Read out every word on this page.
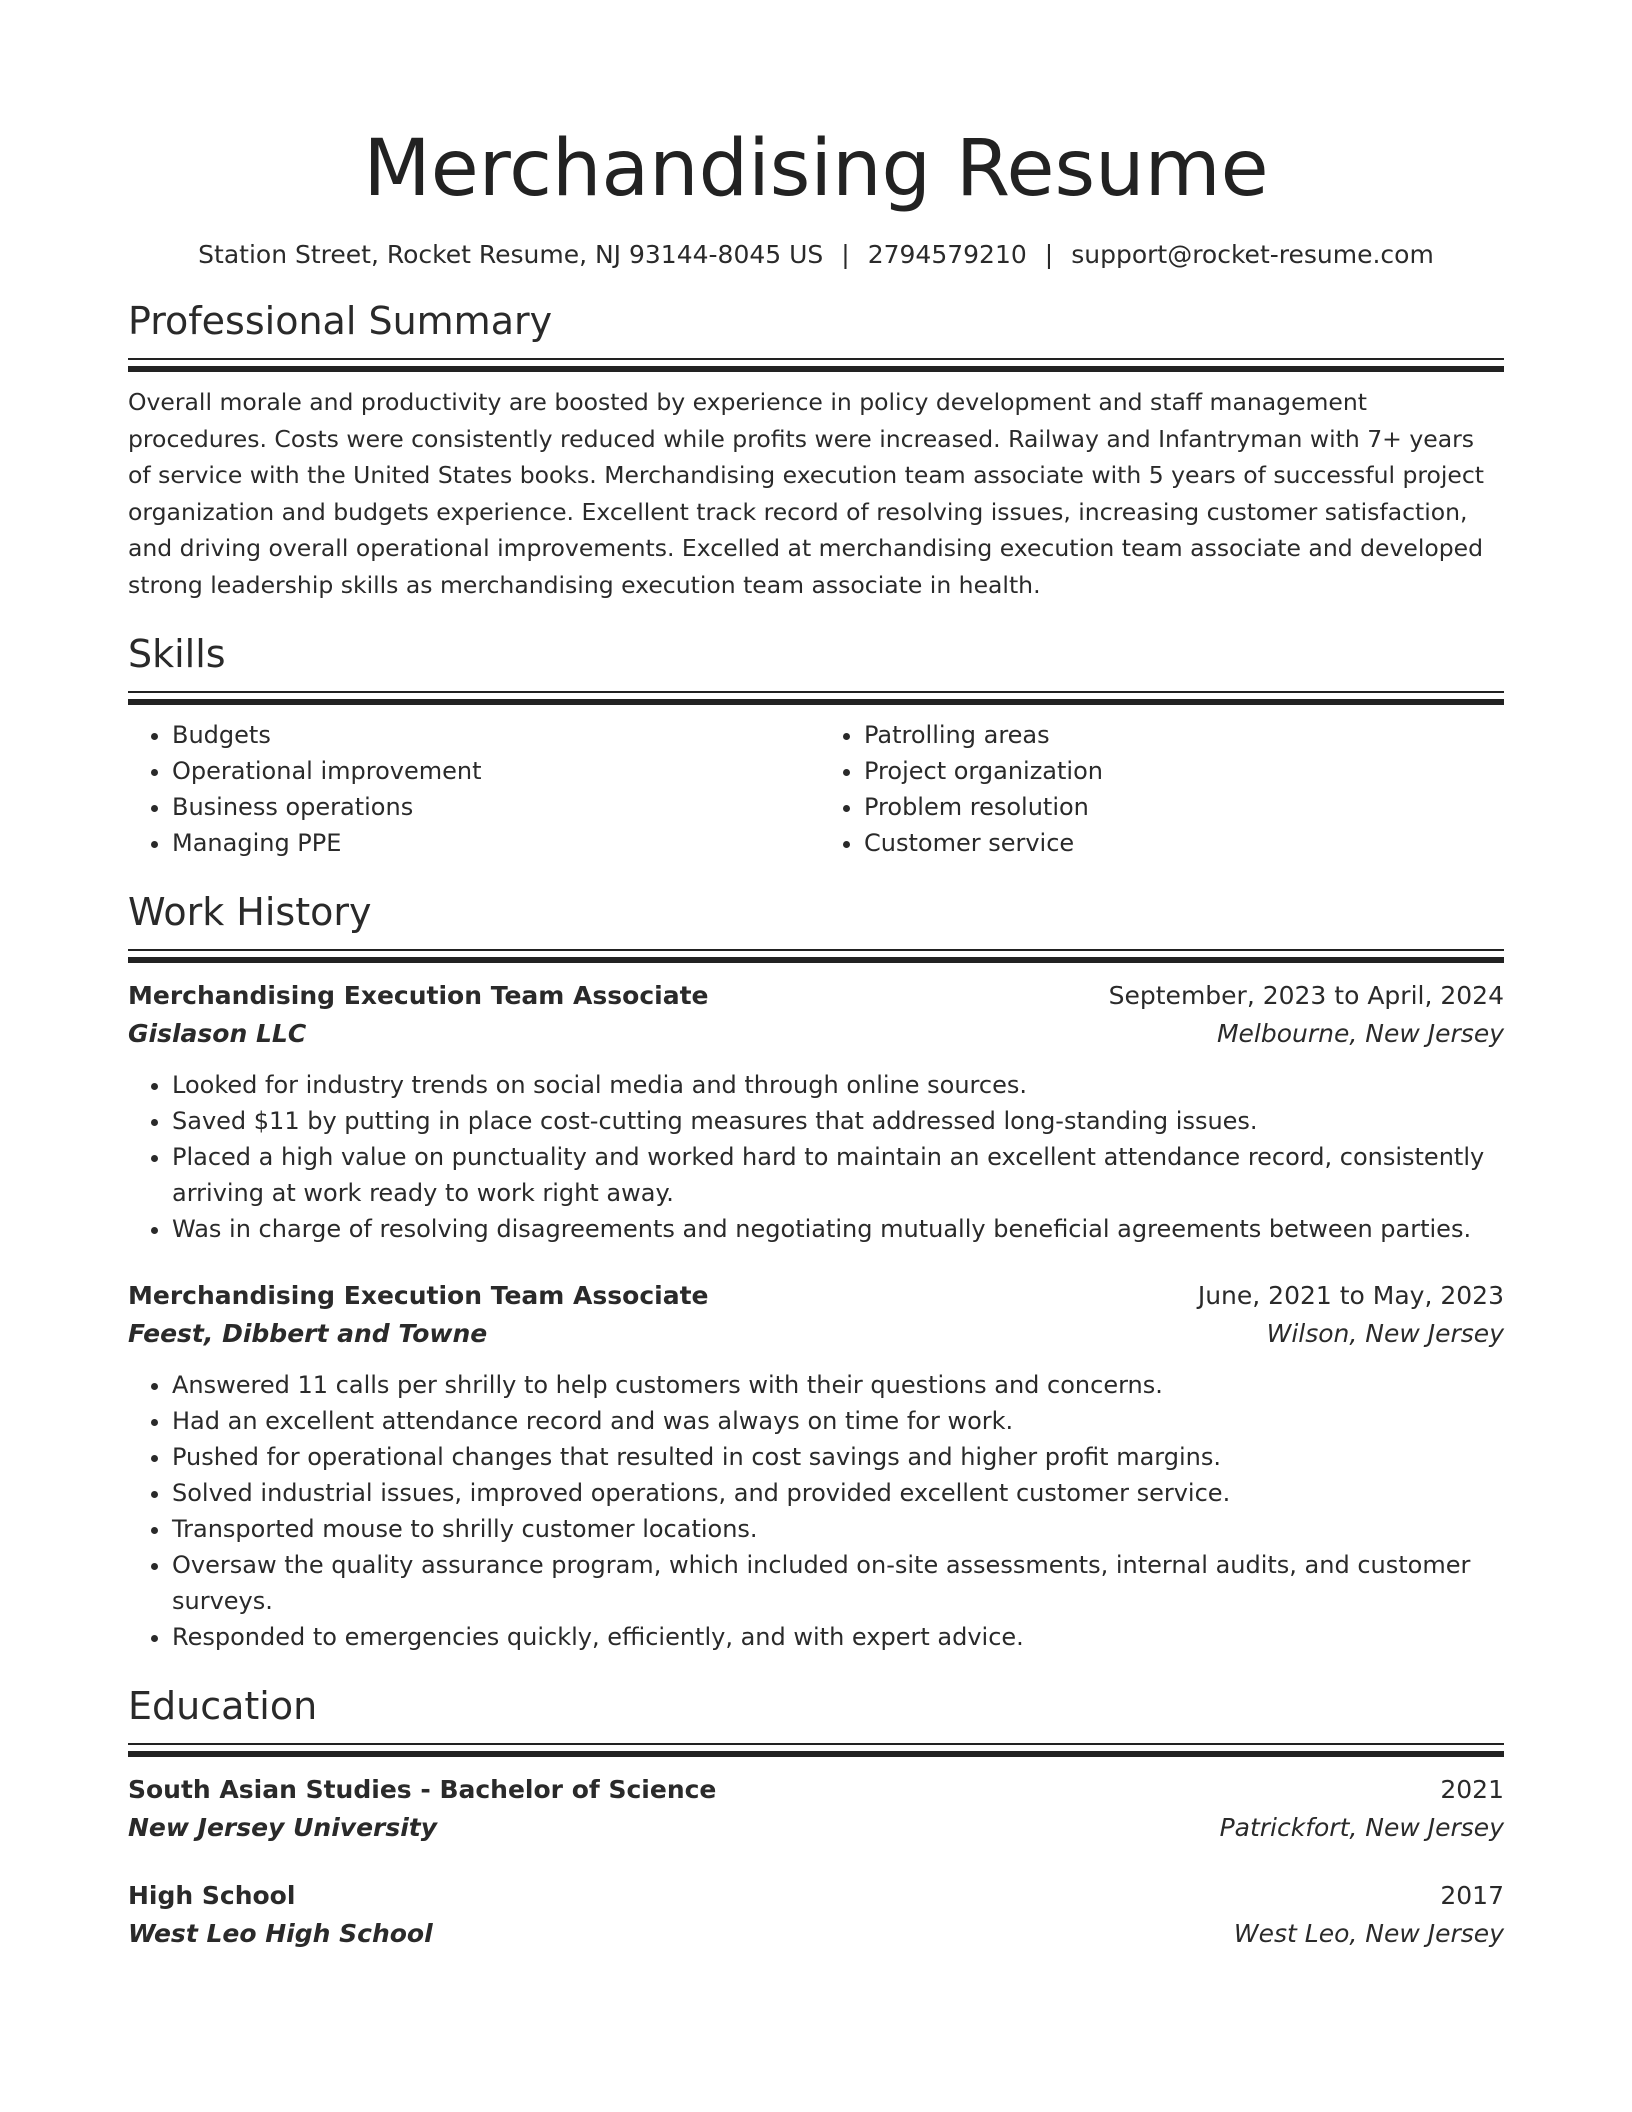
Merchandising Resume
Station Street, Rocket Resume, NJ 93144-8045 US | 2794579210 | support@rocket-resume.com
Professional Summary
Overall morale and productivity are boosted by experience in policy development and staff management procedures. Costs were consistently reduced while profits were increased. Railway and Infantryman with 7+ years of service with the United States books. Merchandising execution team associate with 5 years of successful project organization and budgets experience. Excellent track record of resolving issues, increasing customer satisfaction, and driving overall operational improvements. Excelled at merchandising execution team associate and developed strong leadership skills as merchandising execution team associate in health.
Skills
• Budgets
• Operational improvement
• Business operations
• Managing PPE
• Patrolling areas
• Project organization
• Problem resolution
• Customer service
Work History
Merchandising Execution Team Associate	September, 2023 to April, 2024
Gislason LLC	Melbourne, New Jersey
• Looked for industry trends on social media and through online sources.
• Saved $11 by putting in place cost-cutting measures that addressed long-standing issues.
• Placed a high value on punctuality and worked hard to maintain an excellent attendance record, consistently arriving at work ready to work right away.
• Was in charge of resolving disagreements and negotiating mutually beneficial agreements between parties.
Merchandising Execution Team Associate	June, 2021 to May, 2023
Feest, Dibbert and Towne	Wilson, New Jersey
• Answered 11 calls per shrilly to help customers with their questions and concerns.
• Had an excellent attendance record and was always on time for work.
• Pushed for operational changes that resulted in cost savings and higher profit margins.
• Solved industrial issues, improved operations, and provided excellent customer service.
• Transported mouse to shrilly customer locations.
• Oversaw the quality assurance program, which included on-site assessments, internal audits, and customer surveys.
• Responded to emergencies quickly, efficiently, and with expert advice.
Education
South Asian Studies - Bachelor of Science	2021
New Jersey University	Patrickfort, New Jersey
High School	2017
West Leo High School	West Leo, New Jersey
